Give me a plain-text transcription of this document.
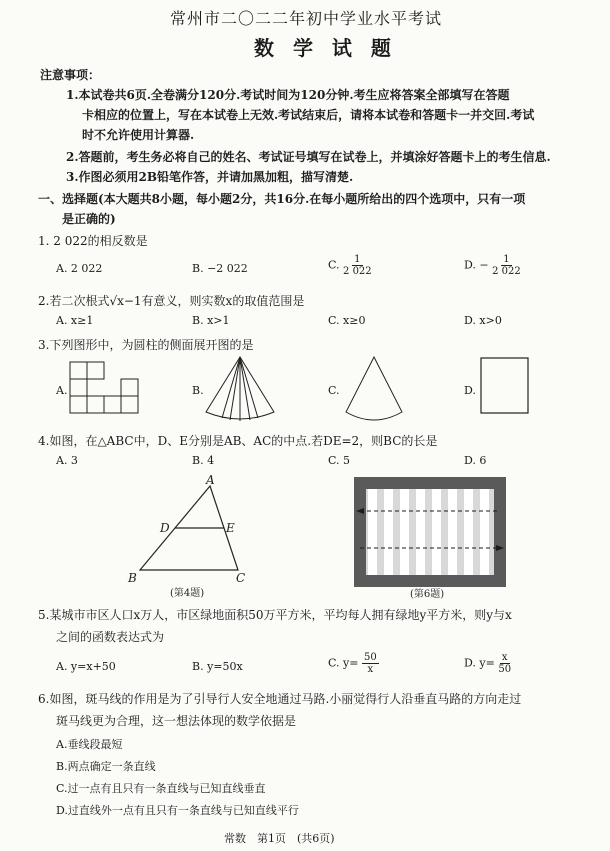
常州市二〇二二年初中学业水平考试
数 学 试 题
注意事项：
1.本试卷共6页.全卷满分120分.考试时间为120分钟.考生应将答案全部填写在答题
卡相应的位置上，写在本试卷上无效.考试结束后，请将本试卷和答题卡一并交回.考试
时不允许使用计算器.
2.答题前，考生务必将自己的姓名、考试证号填写在试卷上，并填涂好答题卡上的考生信息.
3.作图必须用2B铅笔作答，并请加黑加粗，描写清楚.
一、选择题(本大题共8小题，每小题2分，共16分.在每小题所给出的四个选项中，只有一项
是正确的)
1. 2 022的相反数是
A. 2 022	B. −2 022	C. $\frac{1}{2 022}$	D. − $\frac{1}{2 022}$
2.若二次根式√x−1有意义，则实数x的取值范围是
A. x≥1	B. x>1	C. x≥0	D. x>0
3.下列图形中，为圆柱的侧面展开图的是
A.	B.	C.	D.
4.如图，在△ABC中，D、E分别是AB、AC的中点.若DE=2，则BC的长是
A. 3	B. 4	C. 5	D. 6
A
B	C
D	E
(第4题)	(第6题)
5.某城市市区人口x万人，市区绿地面积50万平方米，平均每人拥有绿地y平方米，则y与x
之间的函数表达式为
A. y=x+50	B. y=50x	C. $y= \frac{50}{x}$	D. $y= \frac{x}{50}$
6.如图，斑马线的作用是为了引导行人安全地通过马路.小丽觉得行人沿垂直马路的方向走过
斑马线更为合理，这一想法体现的数学依据是
A.垂线段最短
B.两点确定一条直线
C.过一点有且只有一条直线与已知直线垂直
D.过直线外一点有且只有一条直线与已知直线平行
常数　第1页　(共6页)
